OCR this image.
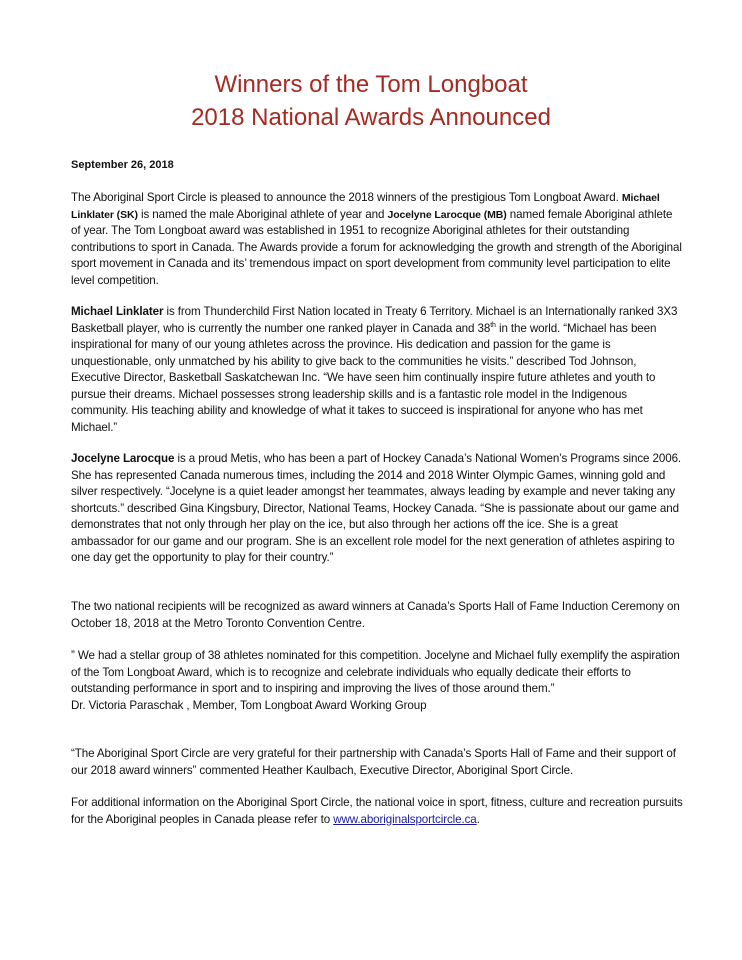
Winners of the Tom Longboat
2018 National Awards Announced
September 26, 2018

The Aboriginal Sport Circle is pleased to announce the 2018 winners of the prestigious Tom Longboat Award. Michael Linklater (SK) is named the male Aboriginal athlete of year and Jocelyne Larocque (MB) named female Aboriginal athlete of year. The Tom Longboat award was established in 1951 to recognize Aboriginal athletes for their outstanding contributions to sport in Canada. The Awards provide a forum for acknowledging the growth and strength of the Aboriginal sport movement in Canada and its’ tremendous impact on sport development from community level participation to elite level competition.

Michael Linklater is from Thunderchild First Nation located in Treaty 6 Territory. Michael is an Internationally ranked 3X3 Basketball player, who is currently the number one ranked player in Canada and 38th in the world. “Michael has been inspirational for many of our young athletes across the province. His dedication and passion for the game is unquestionable, only unmatched by his ability to give back to the communities he visits.” described Tod Johnson, Executive Director, Basketball Saskatchewan Inc. “We have seen him continually inspire future athletes and youth to pursue their dreams. Michael possesses strong leadership skills and is a fantastic role model in the Indigenous community. His teaching ability and knowledge of what it takes to succeed is inspirational for anyone who has met Michael.”

Jocelyne Larocque is a proud Metis, who has been a part of Hockey Canada’s National Women’s Programs since 2006. She has represented Canada numerous times, including the 2014 and 2018 Winter Olympic Games, winning gold and silver respectively. “Jocelyne is a quiet leader amongst her teammates, always leading by example and never taking any shortcuts.” described Gina Kingsbury, Director, National Teams, Hockey Canada. “She is passionate about our game and demonstrates that not only through her play on the ice, but also through her actions off the ice. She is a great ambassador for our game and our program. She is an excellent role model for the next generation of athletes aspiring to one day get the opportunity to play for their country.”

The two national recipients will be recognized as award winners at Canada’s Sports Hall of Fame Induction Ceremony on October 18, 2018 at the Metro Toronto Convention Centre.

” We had a stellar group of 38 athletes nominated for this competition. Jocelyne and Michael fully exemplify the aspiration of the Tom Longboat Award, which is to recognize and celebrate individuals who equally dedicate their efforts to outstanding performance in sport and to inspiring and improving the lives of those around them.”
Dr. Victoria Paraschak , Member, Tom Longboat Award Working Group

“The Aboriginal Sport Circle are very grateful for their partnership with Canada’s Sports Hall of Fame and their support of our 2018 award winners” commented Heather Kaulbach, Executive Director, Aboriginal Sport Circle.

For additional information on the Aboriginal Sport Circle, the national voice in sport, fitness, culture and recreation pursuits for the Aboriginal peoples in Canada please refer to www.aboriginalsportcircle.ca.
